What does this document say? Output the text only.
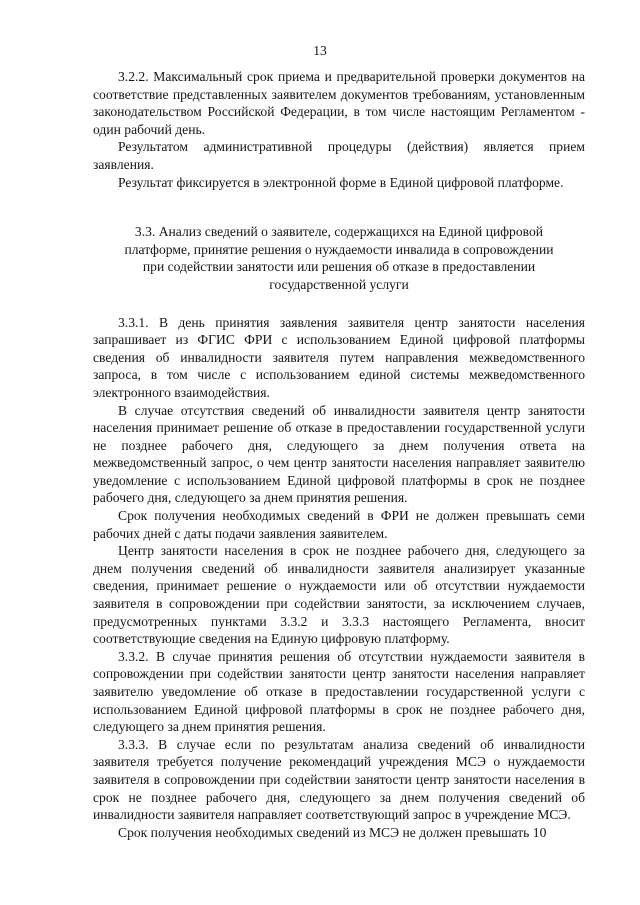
13

3.2.2. Максимальный срок приема и предварительной проверки документов на соответствие представленных заявителем документов требованиям, установленным законодательством Российской Федерации, в том числе настоящим Регламентом - один рабочий день.

Результатом административной процедуры (действия) является прием заявления.

Результат фиксируется в электронной форме в Единой цифровой платформе.

3.3. Анализ сведений о заявителе, содержащихся на Единой цифровой платформе, принятие решения о нуждаемости инвалида в сопровождении при содействии занятости или решения об отказе в предоставлении государственной услуги

3.3.1. В день принятия заявления заявителя центр занятости населения запрашивает из ФГИС ФРИ с использованием Единой цифровой платформы сведения об инвалидности заявителя путем направления межведомственного запроса, в том числе с использованием единой системы межведомственного электронного взаимодействия.

В случае отсутствия сведений об инвалидности заявителя центр занятости населения принимает решение об отказе в предоставлении государственной услуги не позднее рабочего дня, следующего за днем получения ответа на межведомственный запрос, о чем центр занятости населения направляет заявителю уведомление с использованием Единой цифровой платформы в срок не позднее рабочего дня, следующего за днем принятия решения.

Срок получения необходимых сведений в ФРИ не должен превышать семи рабочих дней с даты подачи заявления заявителем.

Центр занятости населения в срок не позднее рабочего дня, следующего за днем получения сведений об инвалидности заявителя анализирует указанные сведения, принимает решение о нуждаемости или об отсутствии нуждаемости заявителя в сопровождении при содействии занятости, за исключением случаев, предусмотренных пунктами 3.3.2 и 3.3.3 настоящего Регламента, вносит соответствующие сведения на Единую цифровую платформу.

3.3.2. В случае принятия решения об отсутствии нуждаемости заявителя в сопровождении при содействии занятости центр занятости населения направляет заявителю уведомление об отказе в предоставлении государственной услуги с использованием Единой цифровой платформы в срок не позднее рабочего дня, следующего за днем принятия решения.

3.3.3. В случае если по результатам анализа сведений об инвалидности заявителя требуется получение рекомендаций учреждения МСЭ о нуждаемости заявителя в сопровождении при содействии занятости центр занятости населения в срок не позднее рабочего дня, следующего за днем получения сведений об инвалидности заявителя направляет соответствующий запрос в учреждение МСЭ.

Срок получения необходимых сведений из МСЭ не должен превышать 10
